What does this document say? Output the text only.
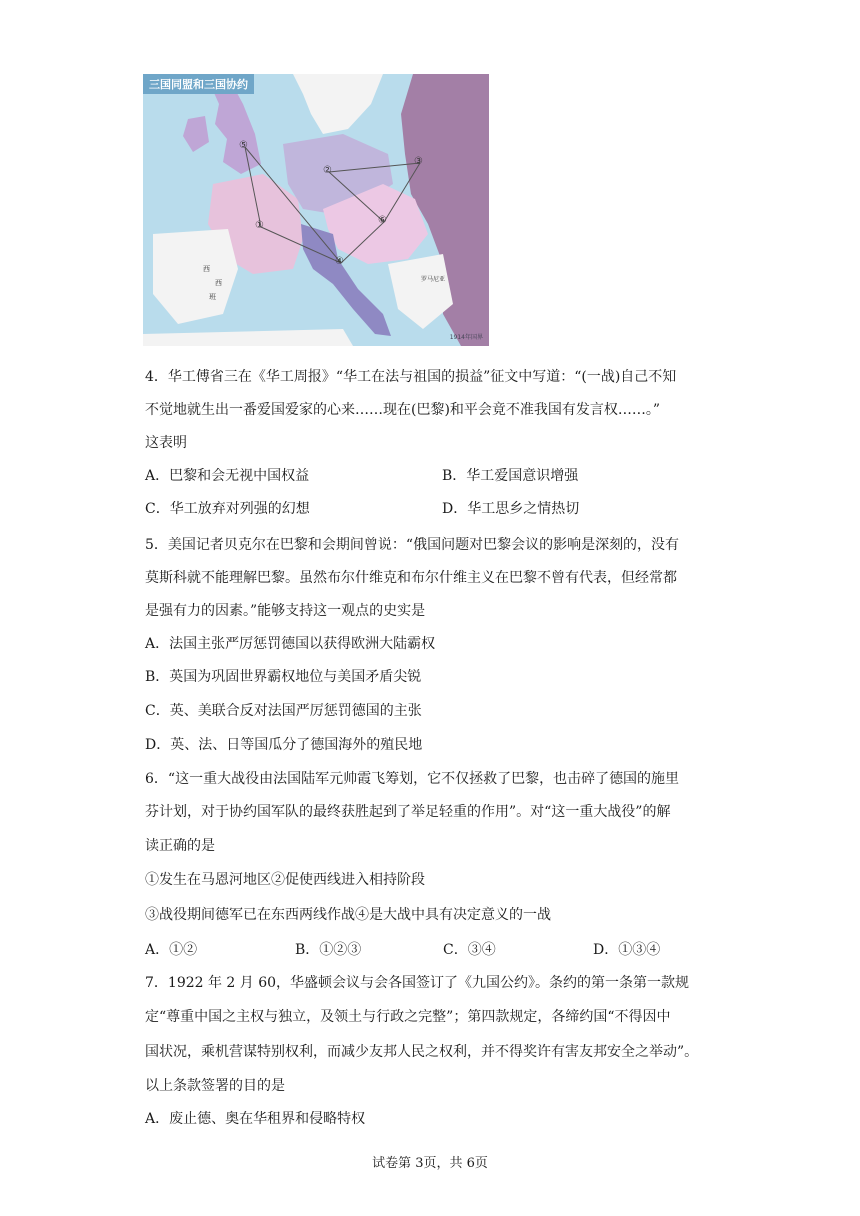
三国同盟和三国协约
西
西
班
罗马尼亚
⑤
①
②
③
⑥
④
1914年国界
4．华工傅省三在《华工周报》“华工在法与祖国的损益”征文中写道：“(一战)自己不知
不觉地就生出一番爱国爱家的心来……现在(巴黎)和平会竟不准我国有发言权……。”
这表明
A．巴黎和会无视中国权益	B．华工爱国意识增强
C．华工放弃对列强的幻想	D．华工思乡之情热切
5．美国记者贝克尔在巴黎和会期间曾说：“俄国问题对巴黎会议的影响是深刻的，没有
莫斯科就不能理解巴黎。虽然布尔什维克和布尔什维主义在巴黎不曾有代表，但经常都
是强有力的因素。”能够支持这一观点的史实是
A．法国主张严厉惩罚德国以获得欧洲大陆霸权
B．英国为巩固世界霸权地位与美国矛盾尖锐
C．英、美联合反对法国严厉惩罚德国的主张
D．英、法、日等国瓜分了德国海外的殖民地
6．“这一重大战役由法国陆军元帅霞飞筹划，它不仅拯救了巴黎，也击碎了德国的施里
芬计划，对于协约国军队的最终获胜起到了举足轻重的作用”。对“这一重大战役”的解
读正确的是
①发生在马恩河地区②促使西线进入相持阶段
③战役期间德军已在东西两线作战④是大战中具有决定意义的一战
A．①②	B．①②③	C．③④	D．①③④
7．1922 年 2 月 60，华盛顿会议与会各国签订了《九国公约》。条约的第一条第一款规
定“尊重中国之主权与独立，及领土与行政之完整”；第四款规定，各缔约国“不得因中
国状况，乘机营谋特别权利，而减少友邦人民之权利，并不得奖许有害友邦安全之举动”。
以上条款签署的目的是
A．废止德、奥在华租界和侵略特权
试卷第 3页，共 6页
